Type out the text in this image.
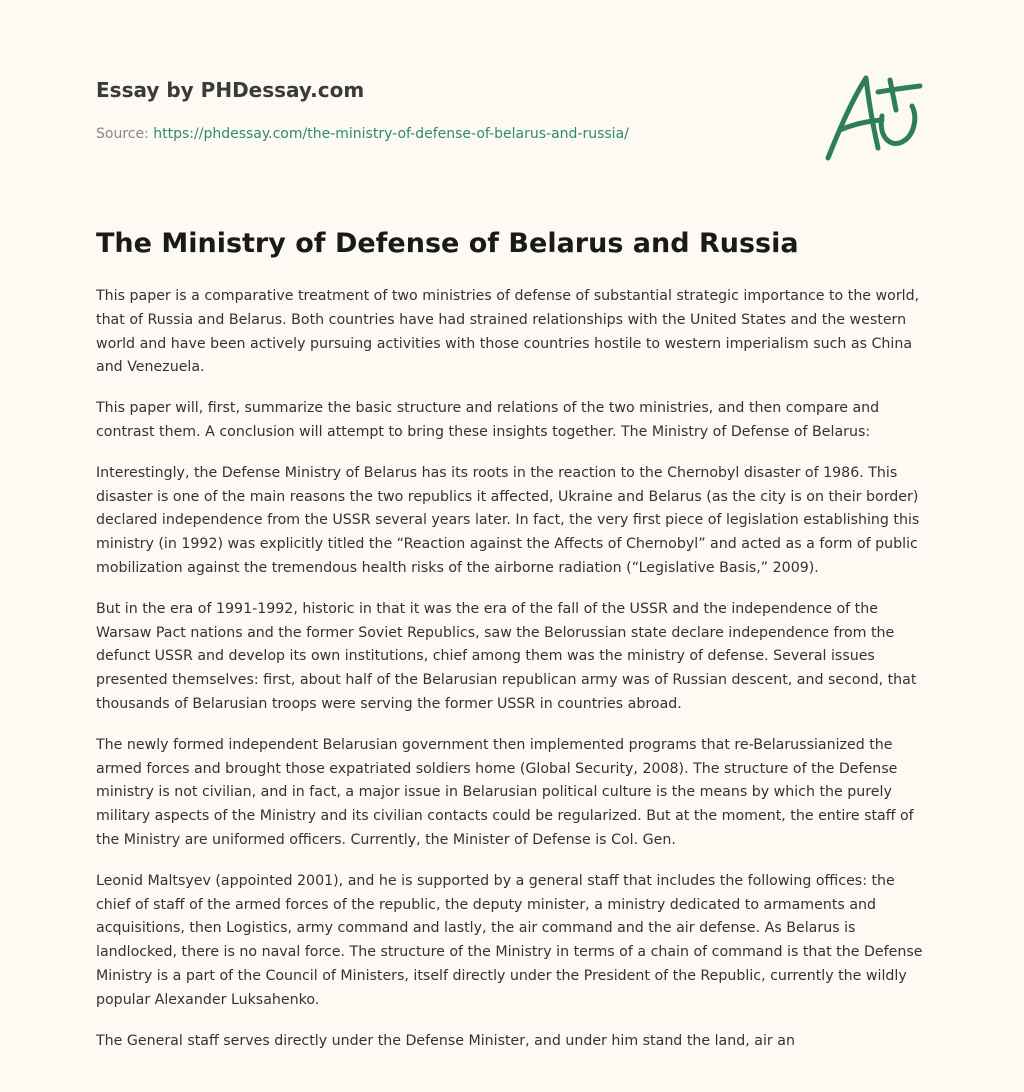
Essay by PHDessay.com
Source: https://phdessay.com/the-ministry-of-defense-of-belarus-and-russia/
The Ministry of Defense of Belarus and Russia

This paper is a comparative treatment of two ministries of defense of substantial strategic importance to the world, that of Russia and Belarus. Both countries have had strained relationships with the United States and the western world and have been actively pursuing activities with those countries hostile to western imperialism such as China and Venezuela.

This paper will, first, summarize the basic structure and relations of the two ministries, and then compare and contrast them. A conclusion will attempt to bring these insights together. The Ministry of Defense of Belarus:

Interestingly, the Defense Ministry of Belarus has its roots in the reaction to the Chernobyl disaster of 1986. This disaster is one of the main reasons the two republics it affected, Ukraine and Belarus (as the city is on their border) declared independence from the USSR several years later. In fact, the very first piece of legislation establishing this ministry (in 1992) was explicitly titled the “Reaction against the Affects of Chernobyl” and acted as a form of public mobilization against the tremendous health risks of the airborne radiation (“Legislative Basis,” 2009).

But in the era of 1991-1992, historic in that it was the era of the fall of the USSR and the independence of the Warsaw Pact nations and the former Soviet Republics, saw the Belorussian state declare independence from the defunct USSR and develop its own institutions, chief among them was the ministry of defense. Several issues presented themselves: first, about half of the Belarusian republican army was of Russian descent, and second, that thousands of Belarusian troops were serving the former USSR in countries abroad.

The newly formed independent Belarusian government then implemented programs that re-Belarussianized the armed forces and brought those expatriated soldiers home (Global Security, 2008). The structure of the Defense ministry is not civilian, and in fact, a major issue in Belarusian political culture is the means by which the purely military aspects of the Ministry and its civilian contacts could be regularized. But at the moment, the entire staff of the Ministry are uniformed officers. Currently, the Minister of Defense is Col. Gen.

Leonid Maltsyev (appointed 2001), and he is supported by a general staff that includes the following offices: the chief of staff of the armed forces of the republic, the deputy minister, a ministry dedicated to armaments and acquisitions, then Logistics, army command and lastly, the air command and the air defense. As Belarus is landlocked, there is no naval force. The structure of the Ministry in terms of a chain of command is that the Defense Ministry is a part of the Council of Ministers, itself directly under the President of the Republic, currently the wildly popular Alexander Luksahenko.

The General staff serves directly under the Defense Minister, and under him stand the land, air an
